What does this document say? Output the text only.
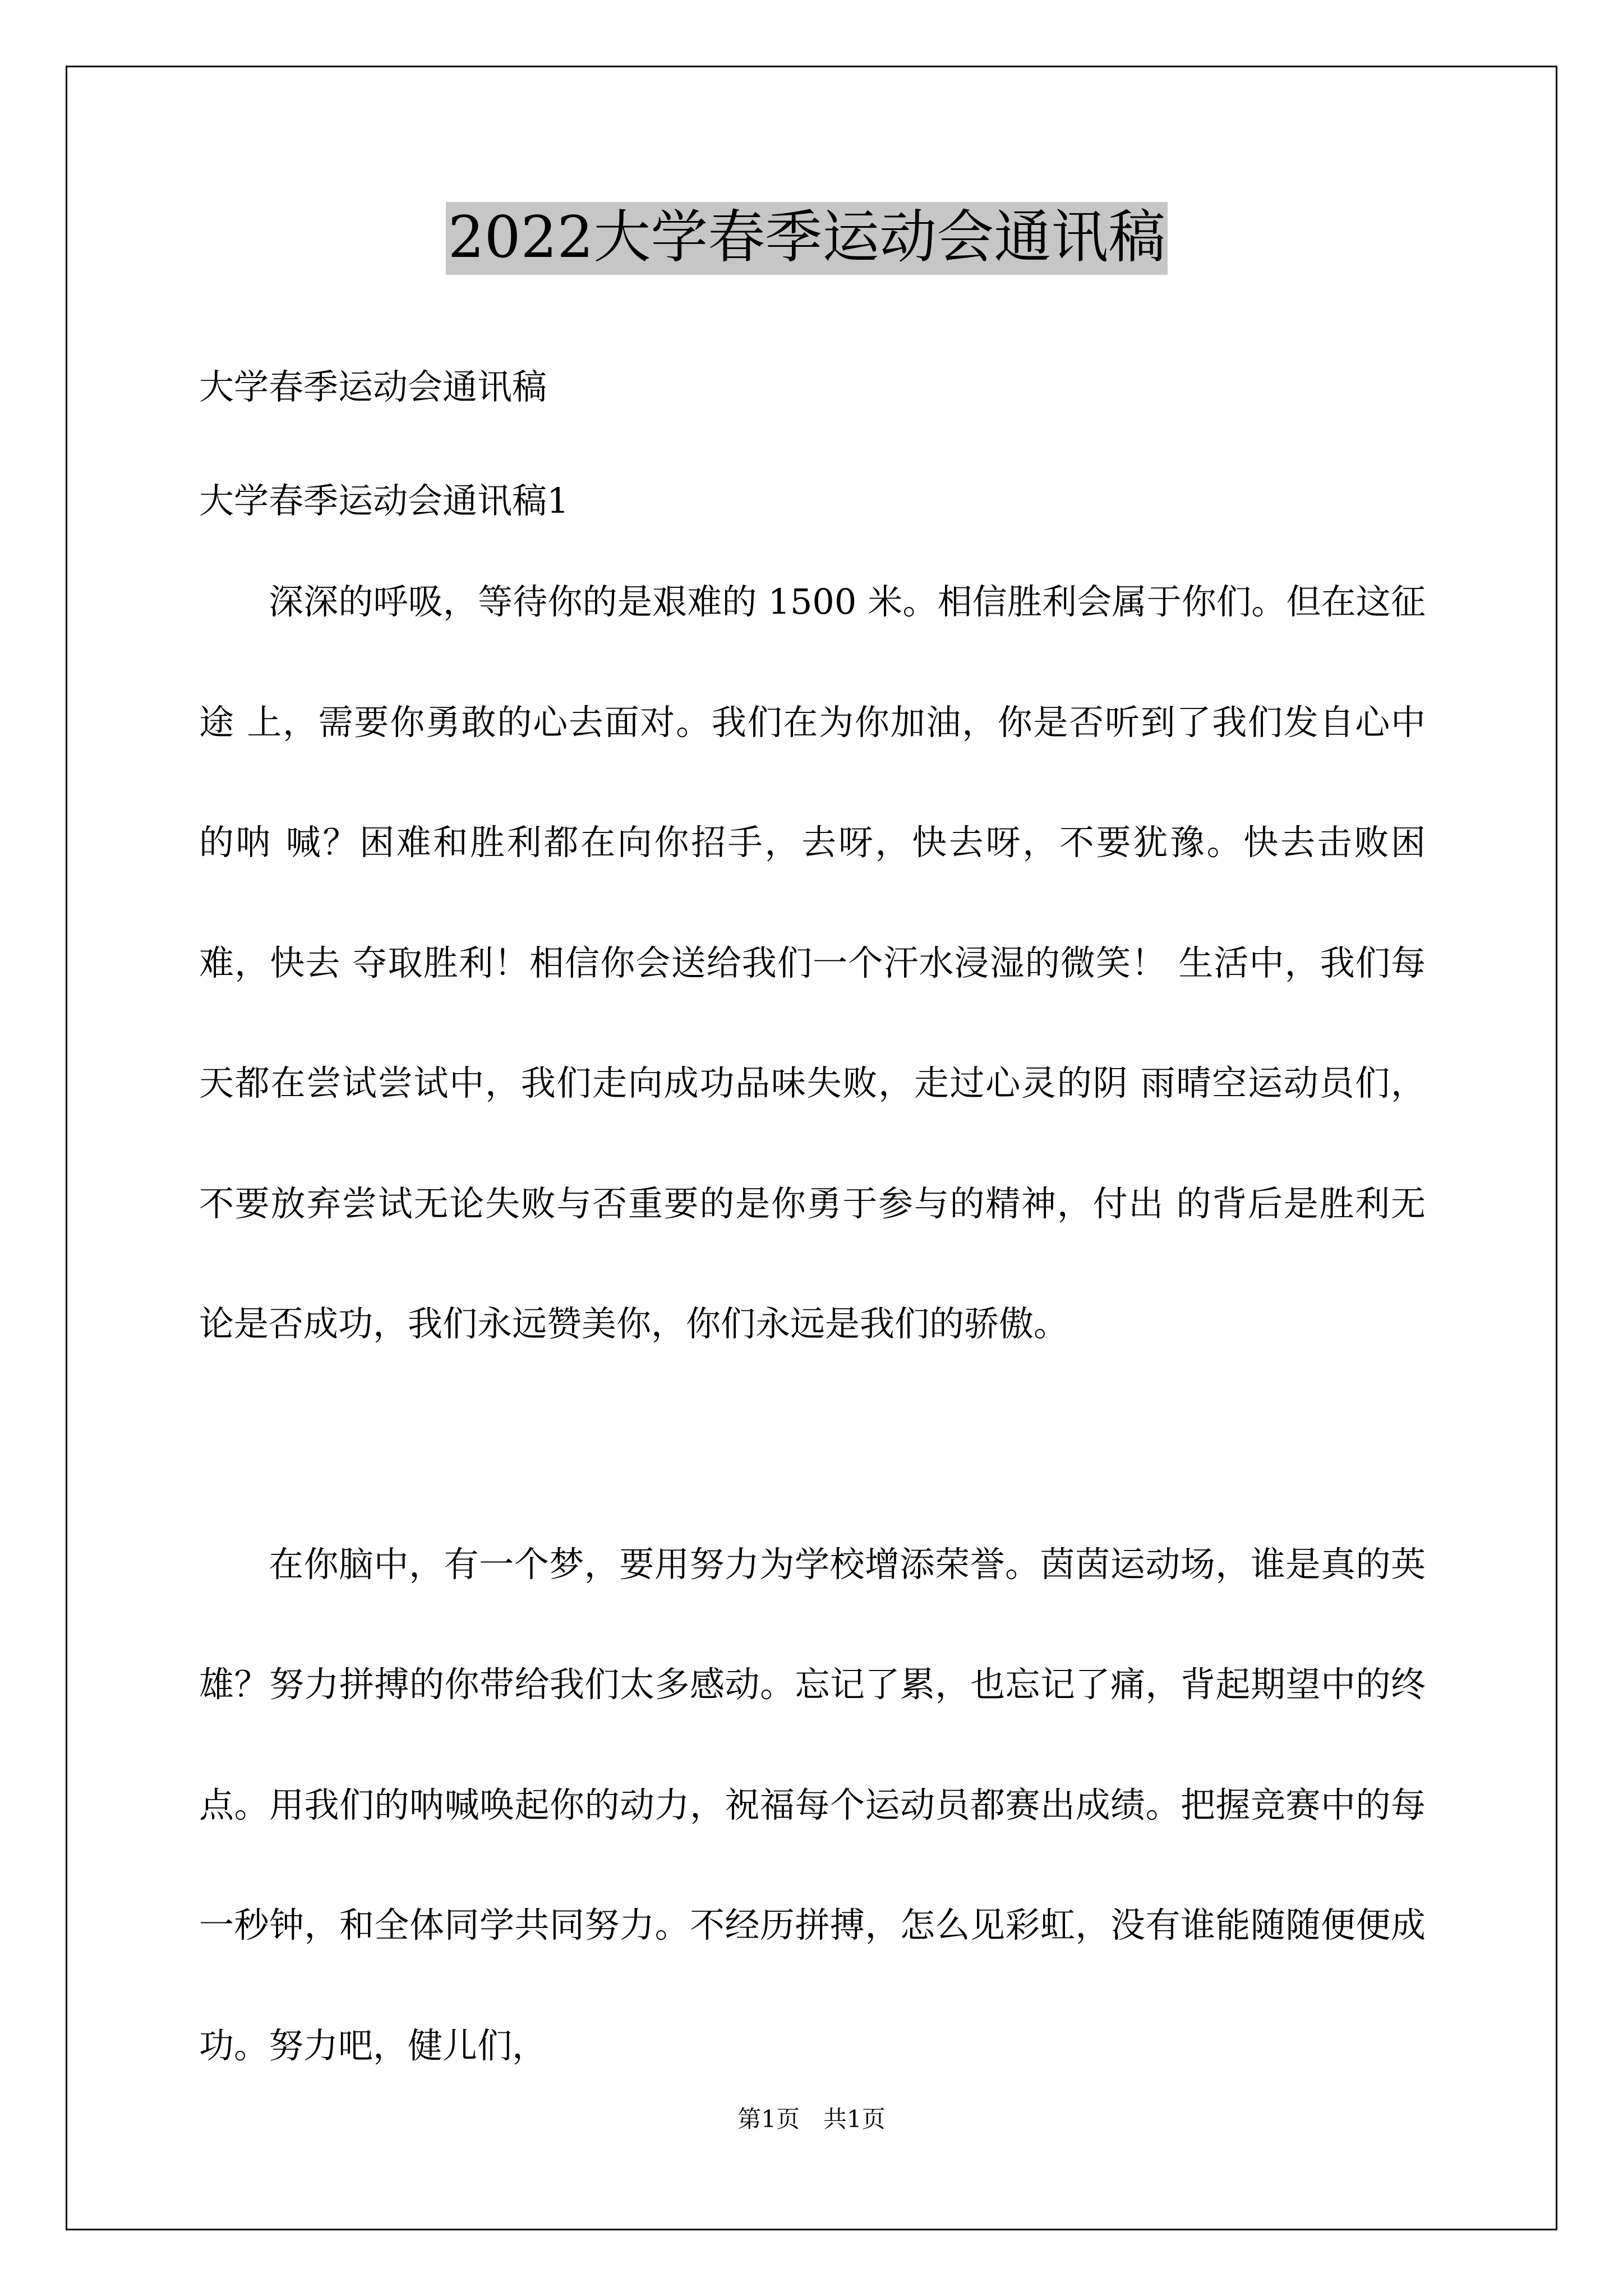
2022大学春季运动会通讯稿

大学春季运动会通讯稿

大学春季运动会通讯稿1

深深的呼吸，等待你的是艰难的 1500 米。相信胜利会属于你们。但在这征途 上，需要你勇敢的心去面对。我们在为你加油，你是否听到了我们发自心中的呐 喊？困难和胜利都在向你招手，去呀，快去呀，不要犹豫。快去击败困难，快去 夺取胜利！相信你会送给我们一个汗水浸湿的微笑！ 生活中，我们每天都在尝试尝试中，我们走向成功品味失败，走过心灵的阴 雨晴空运动员们，不要放弃尝试无论失败与否重要的是你勇于参与的精神，付出 的背后是胜利无论是否成功，我们永远赞美你，你们永远是我们的骄傲。

在你脑中，有一个梦，要用努力为学校增添荣誉。茵茵运动场，谁是真的英 雄？努力拼搏的你带给我们太多感动。忘记了累，也忘记了痛，背起期望中的终 点。用我们的呐喊唤起你的动力，祝福每个运动员都赛出成绩。把握竞赛中的每 一秒钟，和全体同学共同努力。不经历拼搏，怎么见彩虹，没有谁能随随便便成 功。努力吧，健儿们，

第1页　共1页
